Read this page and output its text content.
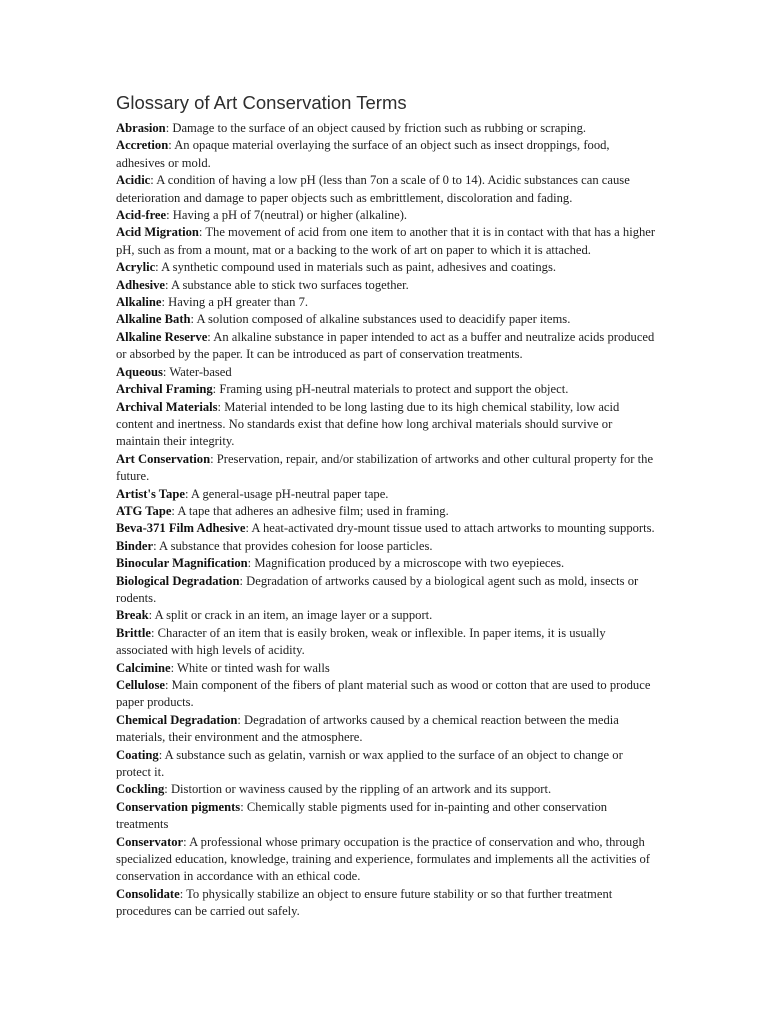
Glossary of Art Conservation Terms

Abrasion: Damage to the surface of an object caused by friction such as rubbing or scraping.

Accretion: An opaque material overlaying the surface of an object such as insect droppings, food, adhesives or mold.

Acidic: A condition of having a low pH (less than 7on a scale of 0 to 14). Acidic substances can cause deterioration and damage to paper objects such as embrittlement, discoloration and fading.

Acid-free: Having a pH of 7(neutral) or higher (alkaline).

Acid Migration: The movement of acid from one item to another that it is in contact with that has a higher pH, such as from a mount, mat or a backing to the work of art on paper to which it is attached.

Acrylic: A synthetic compound used in materials such as paint, adhesives and coatings.

Adhesive: A substance able to stick two surfaces together.

Alkaline: Having a pH greater than 7.

Alkaline Bath: A solution composed of alkaline substances used to deacidify paper items.

Alkaline Reserve: An alkaline substance in paper intended to act as a buffer and neutralize acids produced or absorbed by the paper. It can be introduced as part of conservation treatments.

Aqueous: Water-based

Archival Framing: Framing using pH-neutral materials to protect and support the object.

Archival Materials: Material intended to be long lasting due to its high chemical stability, low acid content and inertness. No standards exist that define how long archival materials should survive or maintain their integrity.

Art Conservation: Preservation, repair, and/or stabilization of artworks and other cultural property for the future.

Artist's Tape: A general-usage pH-neutral paper tape.

ATG Tape: A tape that adheres an adhesive film; used in framing.

Beva-371 Film Adhesive: A heat-activated dry-mount tissue used to attach artworks to mounting supports.

Binder: A substance that provides cohesion for loose particles.

Binocular Magnification: Magnification produced by a microscope with two eyepieces.

Biological Degradation: Degradation of artworks caused by a biological agent such as mold, insects or rodents.

Break: A split or crack in an item, an image layer or a support.

Brittle: Character of an item that is easily broken, weak or inflexible. In paper items, it is usually associated with high levels of acidity.

Calcimine: White or tinted wash for walls

Cellulose: Main component of the fibers of plant material such as wood or cotton that are used to produce paper products.

Chemical Degradation: Degradation of artworks caused by a chemical reaction between the media materials, their environment and the atmosphere.

Coating: A substance such as gelatin, varnish or wax applied to the surface of an object to change or protect it.

Cockling: Distortion or waviness caused by the rippling of an artwork and its support.

Conservation pigments: Chemically stable pigments used for in-painting and other conservation treatments

Conservator: A professional whose primary occupation is the practice of conservation and who, through specialized education, knowledge, training and experience, formulates and implements all the activities of conservation in accordance with an ethical code.

Consolidate: To physically stabilize an object to ensure future stability or so that further treatment procedures can be carried out safely.
